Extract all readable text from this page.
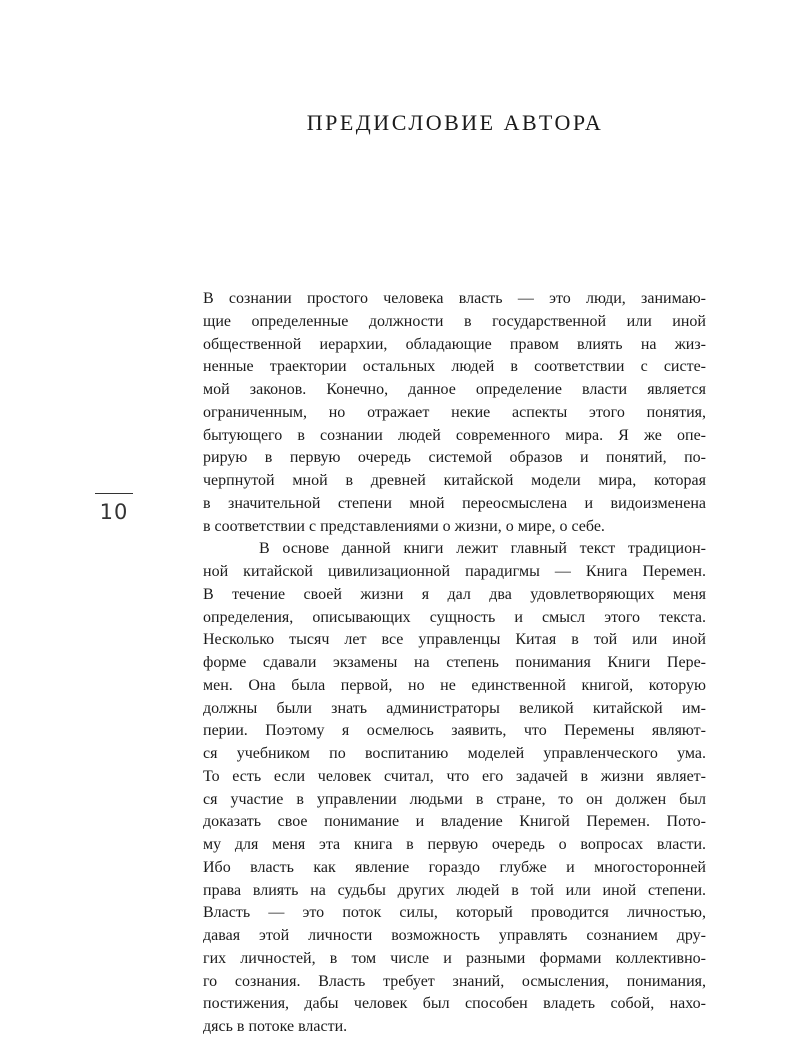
ПРЕДИСЛОВИЕ АВТОРА
10
В сознании простого человека власть — это люди, занимаю-
щие определенные должности в государственной или иной
общественной иерархии, обладающие правом влиять на жиз-
ненные траектории остальных людей в соответствии с систе-
мой законов. Конечно, данное определение власти является
ограниченным, но отражает некие аспекты этого понятия,
бытующего в сознании людей современного мира. Я же опе-
рирую в первую очередь системой образов и понятий, по-
черпнутой мной в древней китайской модели мира, которая
в значительной степени мной переосмыслена и видоизменена
в соответствии с представлениями о жизни, о мире, о себе.
В основе данной книги лежит главный текст традицион-
ной китайской цивилизационной парадигмы — Книга Перемен.
В течение своей жизни я дал два удовлетворяющих меня
определения, описывающих сущность и смысл этого текста.
Несколько тысяч лет все управленцы Китая в той или иной
форме сдавали экзамены на степень понимания Книги Пере-
мен. Она была первой, но не единственной книгой, которую
должны были знать администраторы великой китайской им-
перии. Поэтому я осмелюсь заявить, что Перемены являют-
ся учебником по воспитанию моделей управленческого ума.
То есть если человек считал, что его задачей в жизни являет-
ся участие в управлении людьми в стране, то он должен был
доказать свое понимание и владение Книгой Перемен. Пото-
му для меня эта книга в первую очередь о вопросах власти.
Ибо власть как явление гораздо глубже и многосторонней
права влиять на судьбы других людей в той или иной степени.
Власть — это поток силы, который проводится личностью,
давая этой личности возможность управлять сознанием дру-
гих личностей, в том числе и разными формами коллективно-
го сознания. Власть требует знаний, осмысления, понимания,
постижения, дабы человек был способен владеть собой, нахо-
дясь в потоке власти.
